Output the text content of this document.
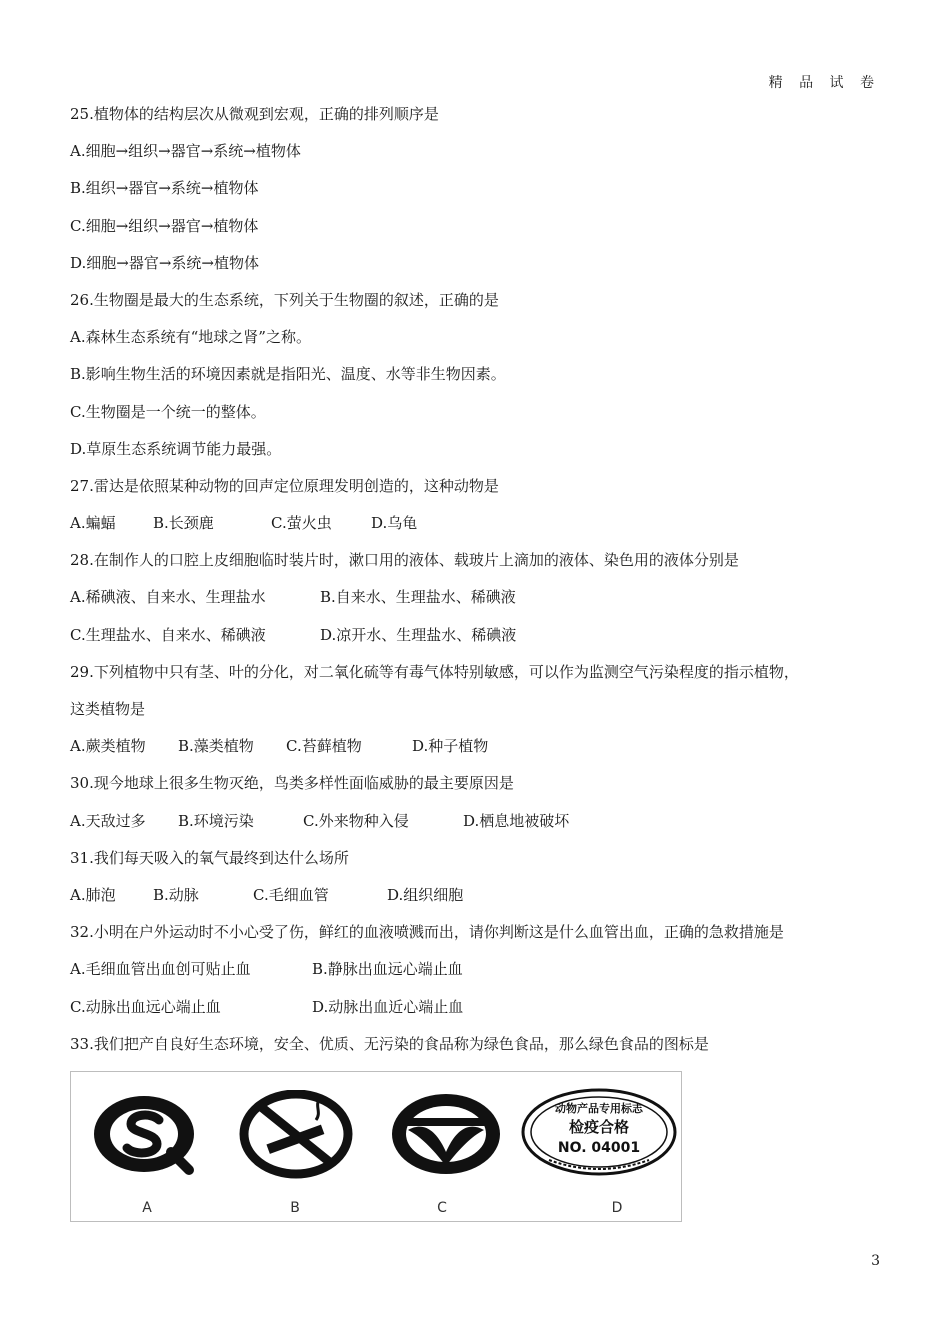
精 品 试 卷
25.植物体的结构层次从微观到宏观，正确的排列顺序是
A.细胞→组织→器官→系统→植物体
B.组织→器官→系统→植物体
C.细胞→组织→器官→植物体
D.细胞→器官→系统→植物体
26.生物圈是最大的生态系统，下列关于生物圈的叙述，正确的是
A.森林生态系统有“地球之肾”之称。
B.影响生物生活的环境因素就是指阳光、温度、水等非生物因素。
C.生物圈是一个统一的整体。
D.草原生态系统调节能力最强。
27.雷达是依照某种动物的回声定位原理发明创造的，这种动物是
A.蝙蝠 B.长颈鹿	C.萤火虫	D.乌龟
28.在制作人的口腔上皮细胞临时装片时，漱口用的液体、载玻片上滴加的液体、染色用的液体分别是
A.稀碘液、自来水、生理盐水	B.自来水、生理盐水、稀碘液
C.生理盐水、自来水、稀碘液	D.凉开水、生理盐水、稀碘液
29.下列植物中只有茎、叶的分化，对二氧化硫等有毒气体特别敏感，可以作为监测空气污染程度的指示植物，
这类植物是
A.蕨类植物 B.藻类植物 C.苔藓植物	D.种子植物
30.现今地球上很多生物灭绝，鸟类多样性面临威胁的最主要原因是
A.天敌过多 B.环境污染	C.外来物种入侵	D.栖息地被破坏
31.我们每天吸入的氧气最终到达什么场所
A.肺泡 B.动脉	C.毛细血管	D.组织细胞
32.小明在户外运动时不小心受了伤，鲜红的血液喷溅而出，请你判断这是什么血管出血，正确的急救措施是
A.毛细血管出血创可贴止血	B.静脉出血远心端止血
C.动脉出血远心端止血	D.动脉出血近心端止血
33.我们把产自良好生态环境，安全、优质、无污染的食品称为绿色食品，那么绿色食品的图标是
动物产品专用标志
检疫合格
NO. 04001
A	B	C	D
3
